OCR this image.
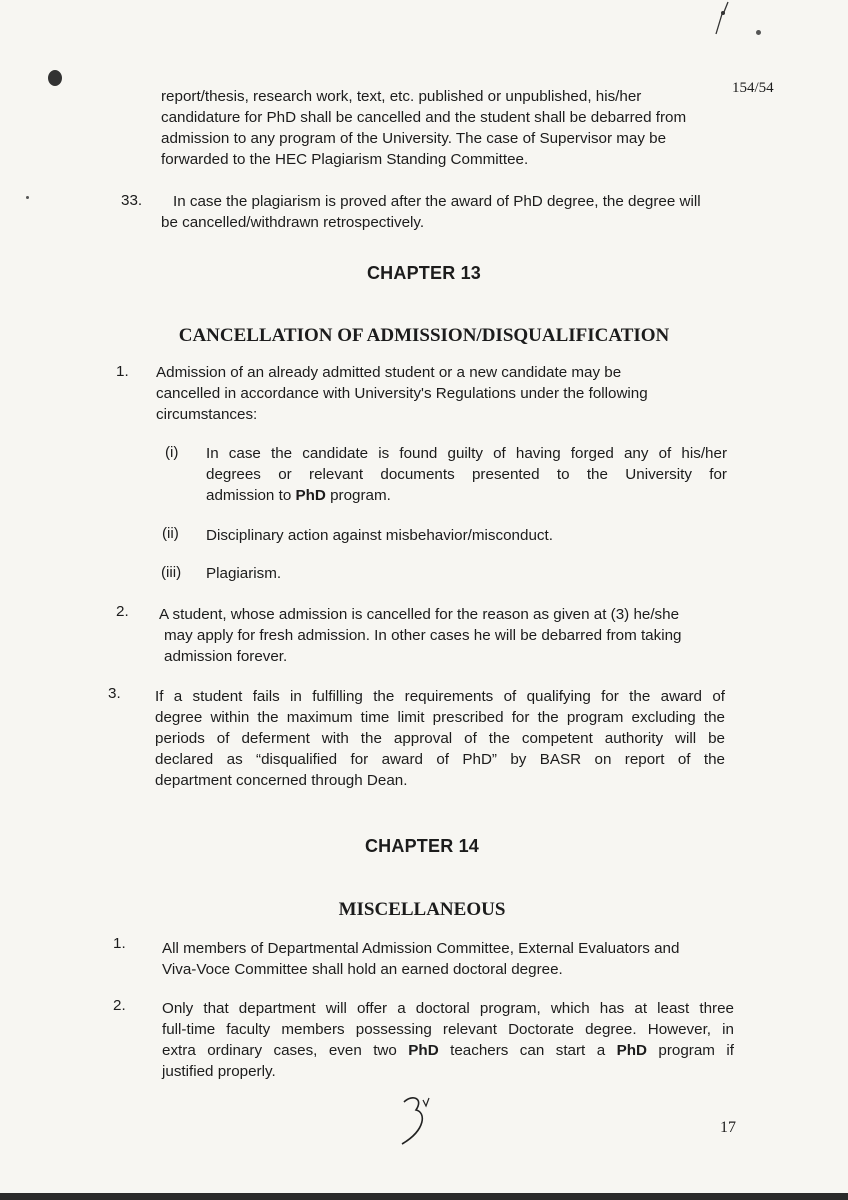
154/54
report/thesis, research work, text, etc. published or unpublished, his/her
candidature for PhD shall be cancelled and the student shall be debarred from
admission to any program of the University. The case of Supervisor may be
forwarded to the HEC Plagiarism Standing Committee.
33.	In case the plagiarism is proved after the award of PhD degree, the degree will
be cancelled/withdrawn retrospectively.
CHAPTER 13
CANCELLATION OF ADMISSION/DISQUALIFICATION
1. Admission of an already admitted student or a new candidate may be
cancelled in accordance with University's Regulations under the following
circumstances:
(i) In case the candidate is found guilty of having forged any of his/her
degrees or relevant documents presented to the University for
admission to PhD program.
(ii) Disciplinary action against misbehavior/misconduct.
(iii) Plagiarism.
2. A student, whose admission is cancelled for the reason as given at (3) he/she
may apply for fresh admission. In other cases he will be debarred from taking
admission forever.
3. If a student fails in fulfilling the requirements of qualifying for the award of
degree within the maximum time limit prescribed for the program excluding the
periods of deferment with the approval of the competent authority will be
declared as “disqualified for award of PhD” by BASR on report of the
department concerned through Dean.
CHAPTER 14
MISCELLANEOUS
1. All members of Departmental Admission Committee, External Evaluators and
Viva-Voce Committee shall hold an earned doctoral degree.
2. Only that department will offer a doctoral program, which has at least three
full-time faculty members possessing relevant Doctorate degree. However, in
extra ordinary cases, even two PhD teachers can start a PhD program if
justified properly.
17
